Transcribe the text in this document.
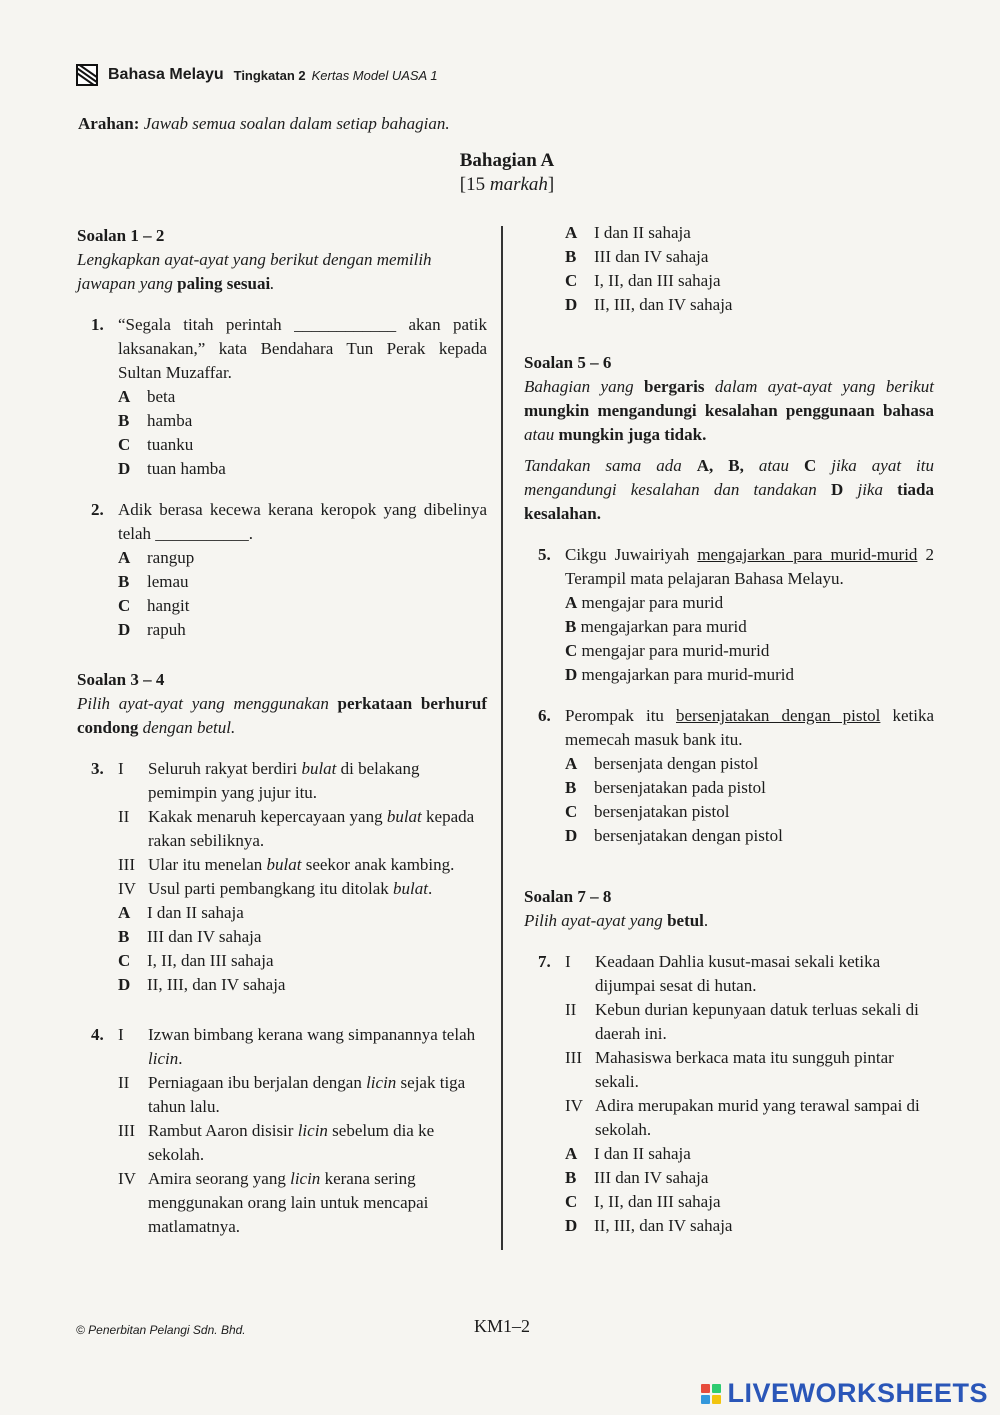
Bahasa Melayu Tingkatan 2 Kertas Model UASA 1
Arahan: Jawab semua soalan dalam setiap bahagian.
Bahagian A
[15 markah]
Soalan 1 – 2
Lengkapkan ayat-ayat yang berikut dengan memilih jawapan yang paling sesuai.
1. “Segala titah perintah ____________ akan patik laksanakan,” kata Bendahara Tun Perak kepada Sultan Muzaffar.

A beta
B hamba
C tuanku
D tuan hamba
2. Adik berasa kecewa kerana keropok yang dibelinya telah ___________.

A rangup
B lemau
C hangit
D rapuh
Soalan 3 – 4
Pilih ayat-ayat yang menggunakan perkataan berhuruf condong dengan betul.
3. I Seluruh rakyat berdiri bulat di belakang pemimpin yang jujur itu.
II Kakak menaruh kepercayaan yang bulat kepada rakan sebiliknya.
III Ular itu menelan bulat seekor anak kambing.
IV Usul parti pembangkang itu ditolak bulat.
A I dan II sahaja
B III dan IV sahaja
C I, II, dan III sahaja
D II, III, dan IV sahaja
4. I Izwan bimbang kerana wang simpanannya telah licin.
II Perniagaan ibu berjalan dengan licin sejak tiga tahun lalu.
III Rambut Aaron disisir licin sebelum dia ke sekolah.
IV Amira seorang yang licin kerana sering menggunakan orang lain untuk mencapai matlamatnya.
A I dan II sahaja
B III dan IV sahaja
C I, II, dan III sahaja
D II, III, dan IV sahaja
Soalan 5 – 6
Bahagian yang bergaris dalam ayat-ayat yang berikut mungkin mengandungi kesalahan penggunaan bahasa atau mungkin juga tidak.
Tandakan sama ada A, B, atau C jika ayat itu mengandungi kesalahan dan tandakan D jika tiada kesalahan.
5. Cikgu Juwairiyah mengajarkan para murid-murid 2 Terampil mata pelajaran Bahasa Melayu.

A mengajar para murid
B mengajarkan para murid
C mengajar para murid-murid
D mengajarkan para murid-murid
6. Perompak itu bersenjatakan dengan pistol ketika memecah masuk bank itu.

A bersenjata dengan pistol
B bersenjatakan pada pistol
C bersenjatakan pistol
D bersenjatakan dengan pistol
Soalan 7 – 8
Pilih ayat-ayat yang betul.
7. I Keadaan Dahlia kusut-masai sekali ketika dijumpai sesat di hutan.
II Kebun durian kepunyaan datuk terluas sekali di daerah ini.
III Mahasiswa berkaca mata itu sungguh pintar sekali.
IV Adira merupakan murid yang terawal sampai di sekolah.
A I dan II sahaja
B III dan IV sahaja
C I, II, dan III sahaja
D II, III, dan IV sahaja
© Penerbitan Pelangi Sdn. Bhd.	KM1–2
LIVEWORKSHEETS
